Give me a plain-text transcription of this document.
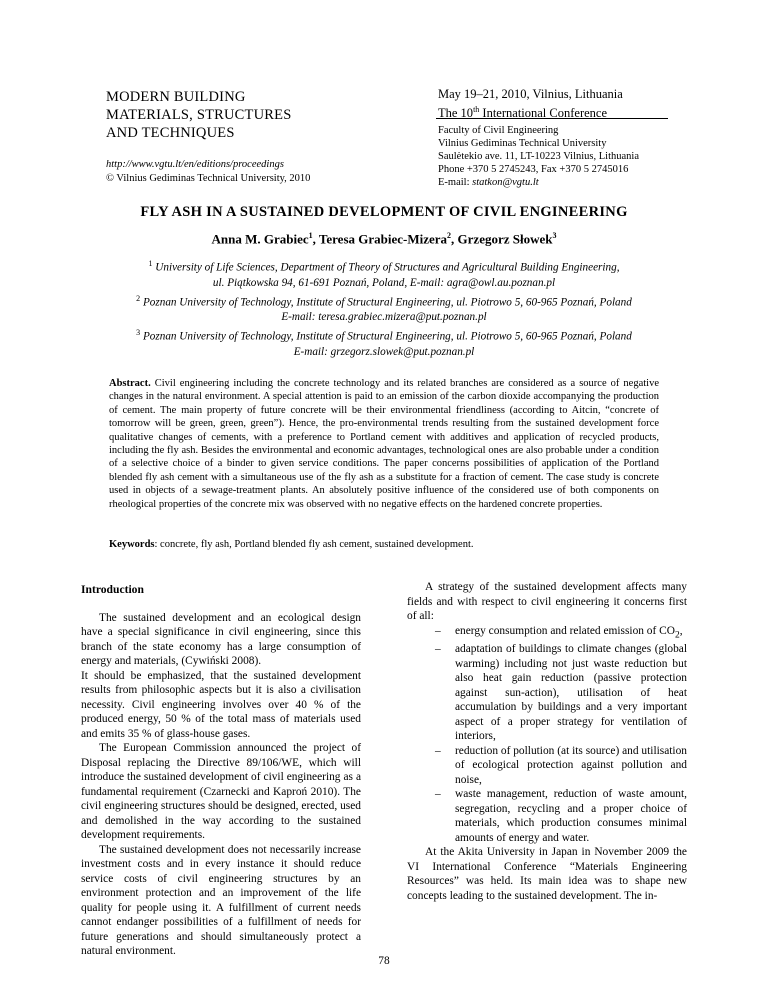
MODERN BUILDING
MATERIALS, STRUCTURES
AND TECHNIQUES
http://www.vgtu.lt/en/editions/proceedings
© Vilnius Gediminas Technical University, 2010
May 19–21, 2010, Vilnius, Lithuania
The 10th International Conference
Faculty of Civil Engineering
Vilnius Gediminas Technical University
Saulėtekio ave. 11, LT-10223 Vilnius, Lithuania
Phone +370 5 2745243, Fax +370 5 2745016
E-mail: statkon@vgtu.lt
FLY ASH IN A SUSTAINED DEVELOPMENT OF CIVIL ENGINEERING
Anna M. Grabiec$^1$, Teresa Grabiec-Mizera$^2$, Grzegorz Słowek$^3$
$^1$ University of Life Sciences, Department of Theory of Structures and Agricultural Building Engineering,
ul. Piątkowska 94, 61-691 Poznań, Poland, E-mail: agra@owl.au.poznan.pl
$^2$ Poznan University of Technology, Institute of Structural Engineering, ul. Piotrowo 5, 60-965 Poznań, Poland
E-mail: teresa.grabiec.mizera@put.poznan.pl
$^3$ Poznan University of Technology, Institute of Structural Engineering, ul. Piotrowo 5, 60-965 Poznań, Poland
E-mail: grzegorz.slowek@put.poznan.pl
Abstract. Civil engineering including the concrete technology and its related branches are considered as a source of negative changes in the natural environment. A special attention is paid to an emission of the carbon dioxide accompanying the production of cement. The main property of future concrete will be their environmental friendliness (according to Aitcin, “concrete of tomorrow will be green, green, green”). Hence, the pro-environmental trends resulting from the sustained development force qualitative changes of cements, with a preference to Portland cement with additives and application of recycled products, including the fly ash. Besides the environmental and economic advantages, technological ones are also probable under a condition of a selective choice of a binder to given service conditions. The paper concerns possibilities of application of the Portland blended fly ash cement with a simultaneous use of the fly ash as a substitute for a fraction of cement. The case study is concrete used in objects of a sewage-treatment plants. An absolutely positive influence of the considered use of both components on rheological properties of the concrete mix was observed with no negative effects on the hardened concrete properties.
Keywords: concrete, fly ash, Portland blended fly ash cement, sustained development.

Introduction

The sustained development and an ecological design have a special significance in civil engineering, since this branch of the state economy has a large consumption of energy and materials, (Cywiński 2008).

It should be emphasized, that the sustained development results from philosophic aspects but it is also a civilisation necessity. Civil engineering involves over 40 % of the produced energy, 50 % of the total mass of materials used and emits 35 % of glass-house gases.

The European Commission announced the project of Disposal replacing the Directive 89/106/WE, which will introduce the sustained development of civil engineering as a fundamental requirement (Czarnecki and Kaproń 2010). The civil engineering structures should be designed, erected, used and demolished in the way according to the sustained development requirements.

The sustained development does not necessarily increase investment costs and in every instance it should reduce service costs of civil engineering structures by an environment protection and an improvement of the life quality for people using it. A fulfillment of current needs cannot endanger possibilities of a fulfillment of needs for future generations and should simultaneously protect a natural environment.

A strategy of the sustained development affects many fields and with respect to civil engineering it concerns first of all:

– energy consumption and related emission of $CO_2$,
– adaptation of buildings to climate changes (global warming) including not just waste reduction but also heat gain reduction (passive protection against sun-action), utilisation of heat accumulation by buildings and a very important aspect of a proper strategy for ventilation of interiors,
– reduction of pollution (at its source) and utilisation of ecological protection against pollution and noise,
– waste management, reduction of waste amount, segregation, recycling and a proper choice of materials, which production consumes minimal amounts of energy and water.

At the Akita University in Japan in November 2009 the VI International Conference “Materials Engineering Resources” was held. Its main idea was to shape new concepts leading to the sustained development. The in-

78
